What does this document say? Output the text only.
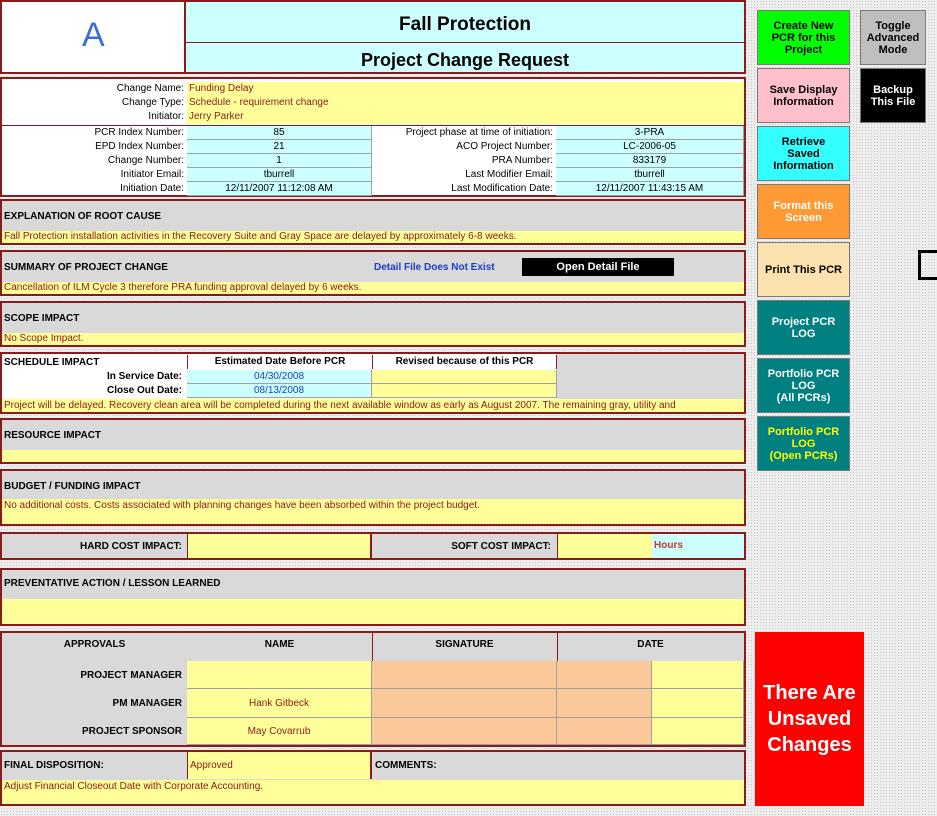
A	Fall Protection
Project Change Request
Change Name: Funding Delay
Change Type: Schedule - requirement change
Initiator: Jerry Parker
PCR Index Number:	85	Project phase at time of initiation:	3-PRA
EPD Index Number:	21	ACO Project Number:	LC-2006-05
Change Number:	1	PRA Number:	833179
Initiator Email:	tburrell	Last Modifier Email:	tburrell
Initiation Date:	12/11/2007 11:12:08 AM	Last Modification Date:	12/11/2007 11:43:15 AM
EXPLANATION OF ROOT CAUSE
Fall Protection installation activities in the Recovery Suite and Gray Space are delayed by approximately 6-8 weeks.
SUMMARY OF PROJECT CHANGE	Detail File Does Not Exist	Open Detail File
Cancellation of ILM Cycle 3 therefore PRA funding approval delayed by 6 weeks.
SCOPE IMPACT
No Scope Impact.
SCHEDULE IMPACT	Estimated Date Before PCR	Revised because of this PCR
In Service Date:	04/30/2008
Close Out Date:	08/13/2008
Project will be delayed. Recovery clean area will be completed during the next available window as early as August 2007. The remaining gray, utility and
RESOURCE IMPACT
BUDGET / FUNDING IMPACT
No additional costs. Costs associated with planning changes have been absorbed within the project budget.
HARD COST IMPACT:	SOFT COST IMPACT:	Hours
PREVENTATIVE ACTION / LESSON LEARNED
APPROVALS	NAME	SIGNATURE	DATE
PROJECT MANAGER
PM MANAGER	Hank Gitbeck
PROJECT SPONSOR	May Covarrub
FINAL DISPOSITION:	Approved	COMMENTS:
Adjust Financial Closeout Date with Corporate Accounting.
Create New
PCR for this
Project
Toggle
Advanced
Mode
Save Display
Information
Backup
This File
Retrieve
Saved
Information
Format this
Screen
Print This PCR
Project PCR
LOG
Portfolio PCR
LOG
(All PCRs)
Portfolio PCR
LOG
(Open PCRs)
There Are
Unsaved
Changes
